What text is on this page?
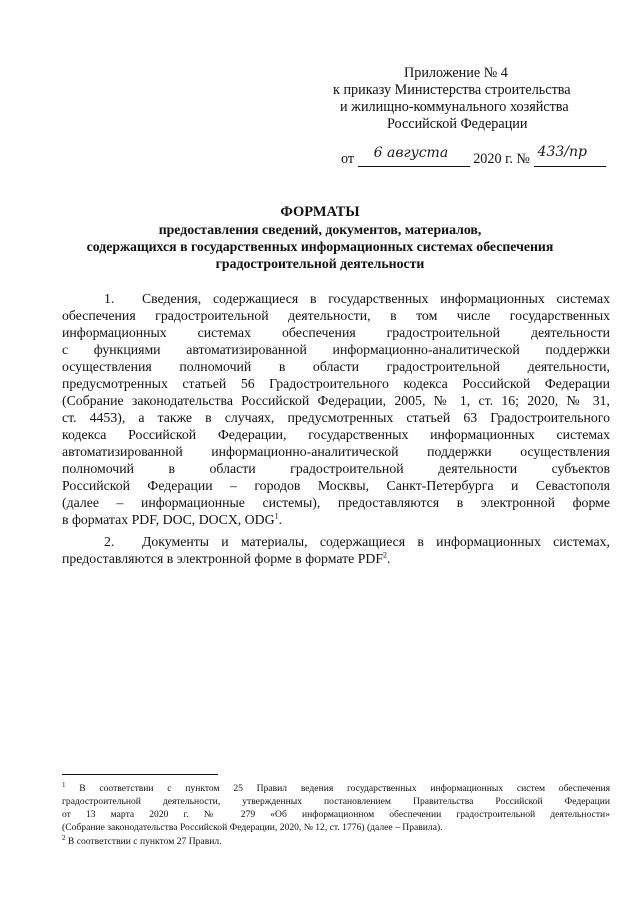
Приложение № 4
к приказу Министерства строительства
и жилищно-коммунального хозяйства
Российской Федерации
от 6 августа 2020 г. № 433/пр

ФОРМАТЫ
предоставления сведений, документов, материалов,
содержащихся в государственных информационных системах обеспечения
градостроительной деятельности
1.  Сведения, содержащиеся в государственных информационных системах
обеспечения градостроительной деятельности, в том числе государственных
информационных системах обеспечения градостроительной деятельности
с функциями автоматизированной информационно-аналитической поддержки
осуществления полномочий в области градостроительной деятельности,
предусмотренных статьей 56 Градостроительного кодекса Российской Федерации
(Собрание законодательства Российской Федерации, 2005, № 1, ст. 16; 2020, № 31,
ст. 4453), а также в случаях, предусмотренных статьей 63 Градостроительного
кодекса Российской Федерации, государственных информационных системах
автоматизированной информационно-аналитической поддержки осуществления
полномочий в области градостроительной деятельности субъектов
Российской Федерации – городов Москвы, Санкт-Петербурга и Севастополя
(далее – информационные системы), предоставляются в электронной форме
в форматах PDF, DOC, DOCX, ODG$^1$.
2.  Документы и материалы, содержащиеся в информационных системах,
предоставляются в электронной форме в формате PDF$^2$.
$^1$ В соответствии с пунктом 25 Правил ведения государственных информационных систем обеспечения
градостроительной деятельности, утвержденных постановлением Правительства Российской Федерации
от 13 марта 2020 г. № 279 «Об информационном обеспечении градостроительной деятельности»
(Собрание законодательства Российской Федерации, 2020, № 12, ст. 1776) (далее – Правила).
$^2$ В соответствии с пунктом 27 Правил.
